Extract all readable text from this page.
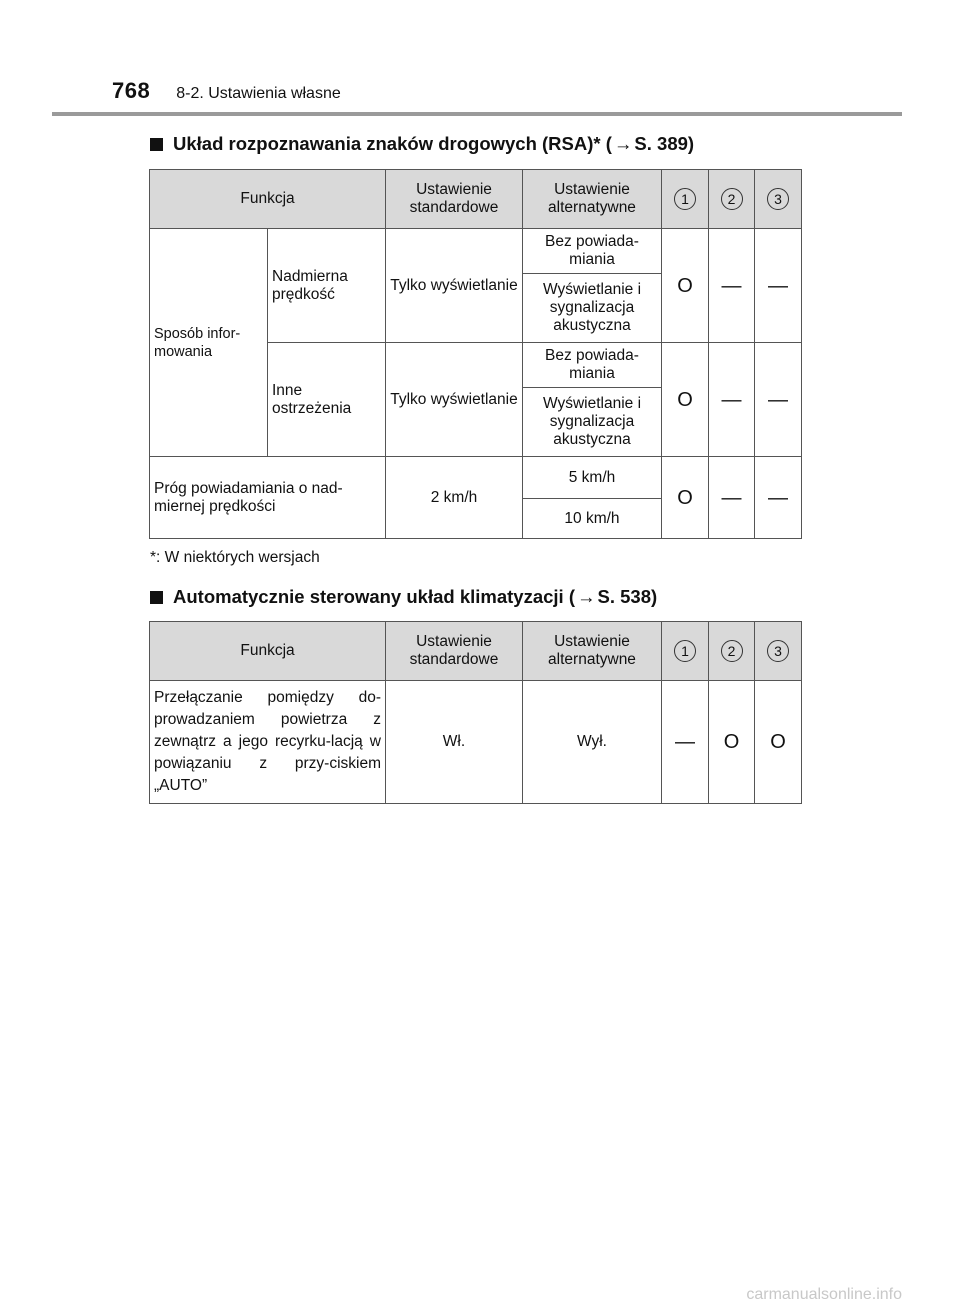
768 8-2. Ustawienia własne
Układ rozpoznawania znaków drogowych (RSA)* ( → S. 389)
Funkcja		Ustawienie standardowe	Ustawienie alternatywne	1	2	3
Sposób infor-mowania	Nadmierna prędkość	Tylko wyświetlanie	Bez powiada-miania	O	—	—
			Wyświetlanie i sygnalizacja akustyczna			
	Inne ostrzeżenia	Tylko wyświetlanie	Bez powiada-miania	O	—	—
			Wyświetlanie i sygnalizacja akustyczna			
Próg powiadamiania o nad-miernej prędkości		2 km/h	5 km/h	O	—	—
			10 km/h			
*: W niektórych wersjach
Automatycznie sterowany układ klimatyzacji ( → S. 538)
Funkcja	Ustawienie standardowe	Ustawienie alternatywne	1	2	3
Przełączanie pomiędzy do-prowadzaniem powietrza z zewnątrz a jego recyrku-lacją w powiązaniu z przy-ciskiem „AUTO”	Wł.	Wył.	—	O	O
carmanualsonline.info
